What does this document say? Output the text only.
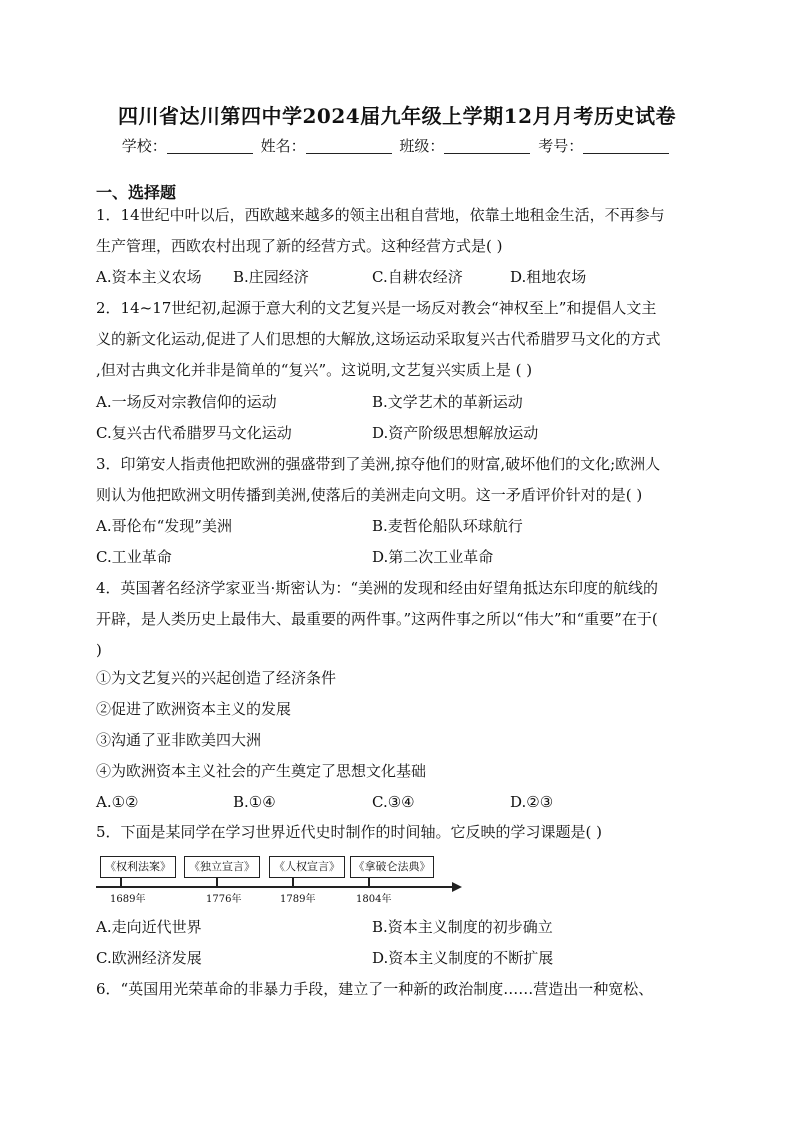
四川省达川第四中学2024届九年级上学期12月月考历史试卷
学校：	姓名：	班级：	考号：
一、选择题
1．14世纪中叶以后，西欧越来越多的领主出租自营地，依靠土地租金生活，不再参与
生产管理，西欧农村出现了新的经营方式。这种经营方式是( )
A.资本主义农场 B.庄园经济	C.自耕农经济	D.租地农场
2．14~17世纪初,起源于意大利的文艺复兴是一场反对教会“神权至上”和提倡人文主
义的新文化运动,促进了人们思想的大解放,这场运动采取复兴古代希腊罗马文化的方式
,但对古典文化并非是简单的“复兴”。这说明,文艺复兴实质上是 ( )
A.一场反对宗教信仰的运动	B.文学艺术的革新运动
C.复兴古代希腊罗马文化运动	D.资产阶级思想解放运动
3．印第安人指责他把欧洲的强盛带到了美洲,掠夺他们的财富,破坏他们的文化;欧洲人
则认为他把欧洲文明传播到美洲,使落后的美洲走向文明。这一矛盾评价针对的是( )
A.哥伦布“发现”美洲	B.麦哲伦船队环球航行
C.工业革命	D.第二次工业革命
4．英国著名经济学家亚当·斯密认为：“美洲的发现和经由好望角抵达东印度的航线的
开辟，是人类历史上最伟大、最重要的两件事。”这两件事之所以“伟大”和“重要”在于(
)
①为文艺复兴的兴起创造了经济条件
②促进了欧洲资本主义的发展
③沟通了亚非欧美四大洲
④为欧洲资本主义社会的产生奠定了思想文化基础
A.①②	B.①④	C.③④	D.②③
5．下面是某同学在学习世界近代史时制作的时间轴。它反映的学习课题是( )
《权利法案》	《独立宣言》	《人权宣言》	《拿破仑法典》
1689年	1776年	1789年	1804年
A.走向近代世界	B.资本主义制度的初步确立
C.欧洲经济发展	D.资本主义制度的不断扩展
6．“英国用光荣革命的非暴力手段，建立了一种新的政治制度……营造出一种宽松、
